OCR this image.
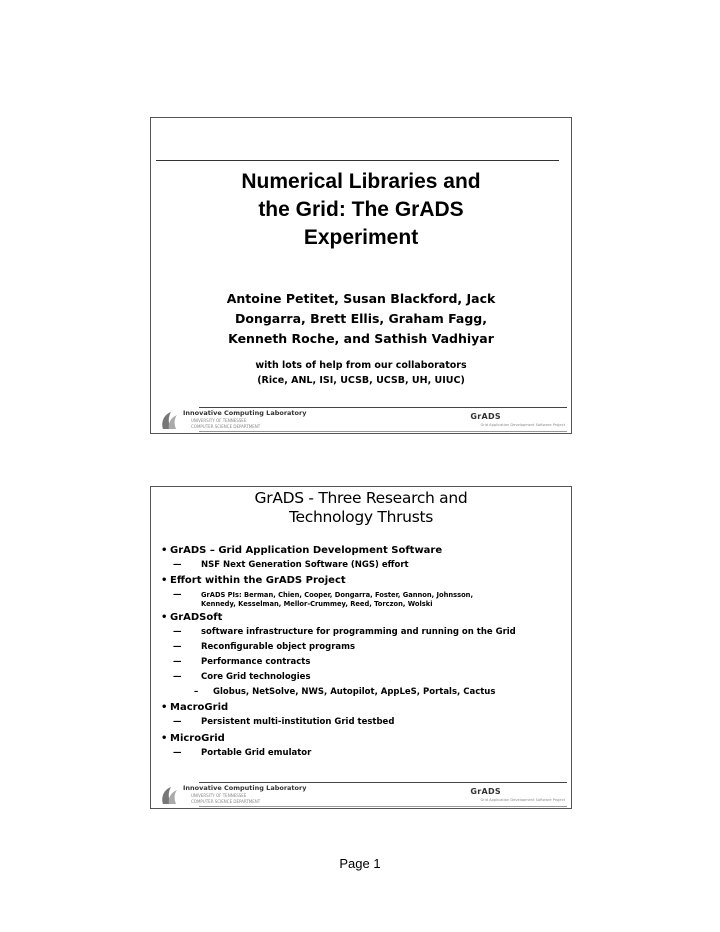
Numerical Libraries and
the Grid: The GrADS
Experiment
Antoine Petitet, Susan Blackford, Jack
Dongarra, Brett Ellis, Graham Fagg,
Kenneth Roche, and Sathish Vadhiyar
with lots of help from our collaborators
(Rice, ANL, ISI, UCSB, UCSB, UH, UIUC)
Innovative Computing Laboratory
UNIVERSITY OF TENNESSEE
COMPUTER SCIENCE DEPARTMENT
GrADS
Grid Application Development Software Project
GrADS - Three Research and
Technology Thrusts
• GrADS – Grid Application Development Software
— NSF Next Generation Software (NGS) effort
• Effort within the GrADS Project
—	GrADS PIs: Berman, Chien, Cooper, Dongarra, Foster, Gannon, Johnsson,
Kennedy, Kesselman, Mellor-Crummey, Reed, Torczon, Wolski
• GrADSoft
— software infrastructure for programming and running on the Grid
— Reconfigurable object programs
— Performance contracts
— Core Grid technologies
– Globus, NetSolve, NWS, Autopilot, AppLeS, Portals, Cactus
• MacroGrid
— Persistent multi-institution Grid testbed
• MicroGrid
— Portable Grid emulator
Innovative Computing Laboratory
UNIVERSITY OF TENNESSEE
COMPUTER SCIENCE DEPARTMENT
GrADS
Grid Application Development Software Project
Page 1
